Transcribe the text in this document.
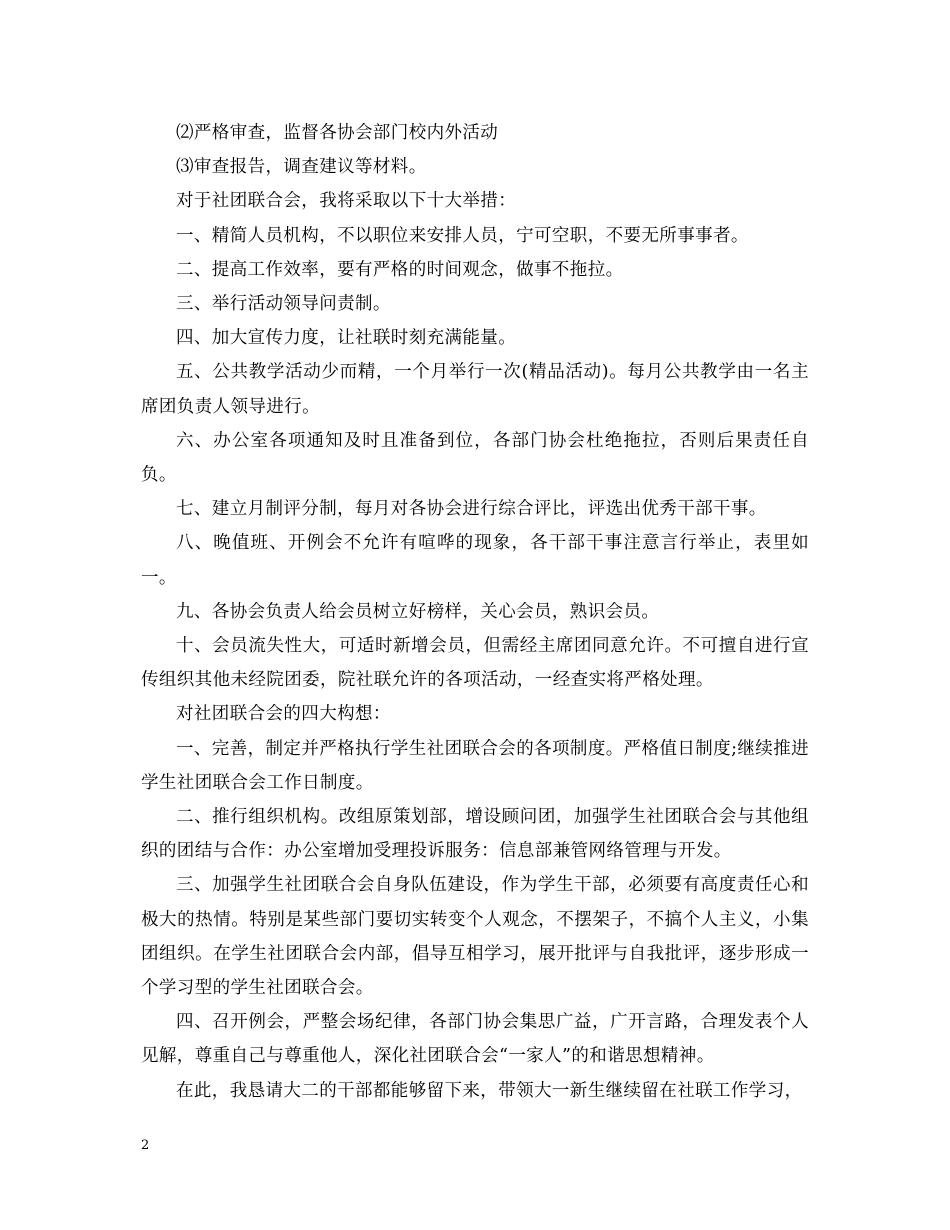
⑵严格审查，监督各协会部门校内外活动

⑶审查报告，调查建议等材料。

对于社团联合会，我将采取以下十大举措：

一、精简人员机构，不以职位来安排人员，宁可空职，不要无所事事者。

二、提高工作效率，要有严格的时间观念，做事不拖拉。

三、举行活动领导问责制。

四、加大宣传力度，让社联时刻充满能量。

五、公共教学活动少而精，一个月举行一次(精品活动)。每月公共教学由一名主席团负责人领导进行。

六、办公室各项通知及时且准备到位，各部门协会杜绝拖拉，否则后果责任自负。

七、建立月制评分制，每月对各协会进行综合评比，评选出优秀干部干事。

八、晚值班、开例会不允许有喧哗的现象，各干部干事注意言行举止，表里如一。

九、各协会负责人给会员树立好榜样，关心会员，熟识会员。

十、会员流失性大，可适时新增会员，但需经主席团同意允许。不可擅自进行宣传组织其他未经院团委，院社联允许的各项活动，一经查实将严格处理。

对社团联合会的四大构想：

一、完善，制定并严格执行学生社团联合会的各项制度。严格值日制度;继续推进学生社团联合会工作日制度。

二、推行组织机构。改组原策划部，增设顾问团，加强学生社团联合会与其他组织的团结与合作：办公室增加受理投诉服务：信息部兼管网络管理与开发。

三、加强学生社团联合会自身队伍建设，作为学生干部，必须要有高度责任心和极大的热情。特别是某些部门要切实转变个人观念，不摆架子，不搞个人主义，小集团组织。在学生社团联合会内部，倡导互相学习，展开批评与自我批评，逐步形成一个学习型的学生社团联合会。

四、召开例会，严整会场纪律，各部门协会集思广益，广开言路，合理发表个人见解，尊重自己与尊重他人，深化社团联合会“一家人”的和谐思想精神。

在此，我恳请大二的干部都能够留下来，带领大一新生继续留在社联工作学习，

2
